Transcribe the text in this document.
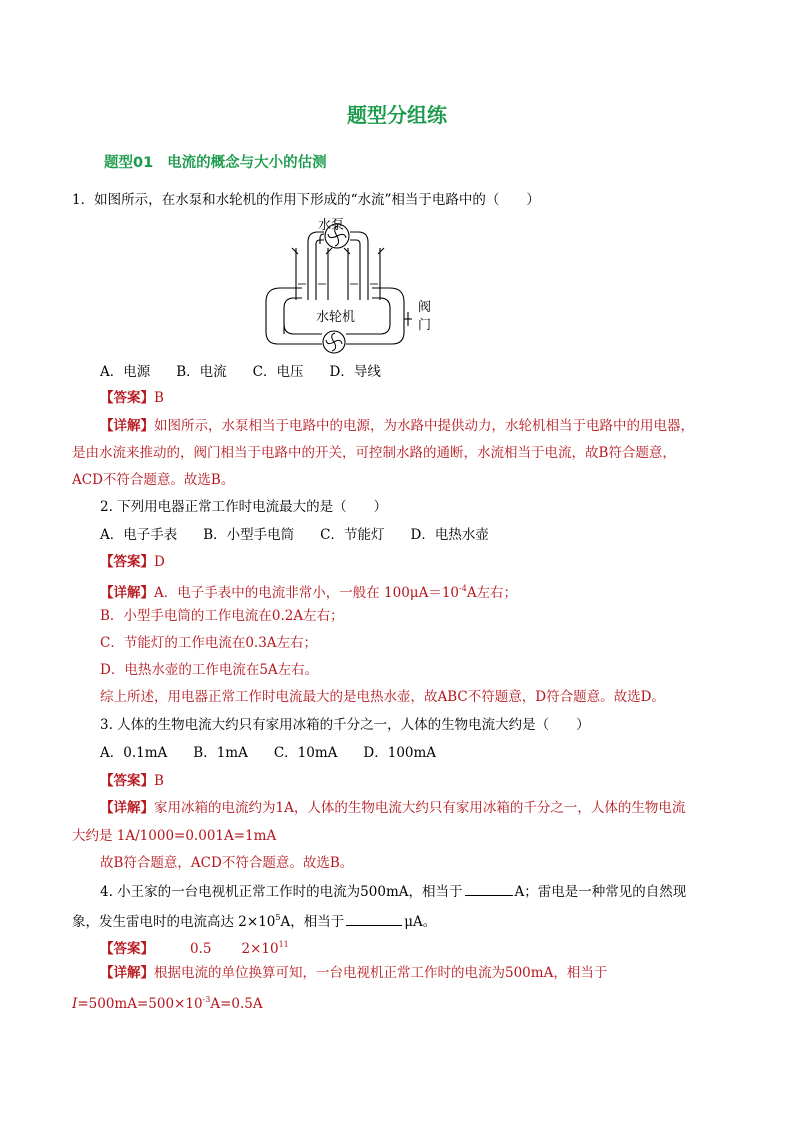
题型分组练
题型01 电流的概念与大小的估测
1．如图所示，在水泵和水轮机的作用下形成的“水流”相当于电路中的（　　）
水泵
水轮机
阀
门
A．电源 B．电流 C．电压 D．导线
【答案】B
【详解】如图所示，水泵相当于电路中的电源，为水路中提供动力，水轮机相当于电路中的用电器，
是由水流来推动的，阀门相当于电路中的开关，可控制水路的通断，水流相当于电流，故B符合题意，
ACD不符合题意。故选B。
2. 下列用电器正常工作时电流最大的是（　　）
A．电子手表 B．小型手电筒 C．节能灯 D．电热水壶
【答案】D
【详解】A．电子手表中的电流非常小，一般在 $100\mu A=10^{-4}A$左右；
B．小型手电筒的工作电流在0.2A左右；
C．节能灯的工作电流在0.3A左右；
D．电热水壶的工作电流在5A左右。
综上所述，用电器正常工作时电流最大的是电热水壶，故ABC不符题意，D符合题意。故选D。
3. 人体的生物电流大约只有家用冰箱的千分之一，人体的生物电流大约是（　　）
A．0.1mA B．1mA C．10mA D．100mA
【答案】B
【详解】家用冰箱的电流约为1A，人体的生物电流大约只有家用冰箱的千分之一，人体的生物电流
大约是 1A/1000=0.001A=1mA
故B符合题意，ACD不符合题意。故选B。
4. 小王家的一台电视机正常工作时的电流为500mA，相当于	A；雷电是一种常见的自然现
象，发生雷电时的电流高达 $2\times 10^5A$，相当于	μA。
【答案】	0.5 $2\times 10^{11}$
【详解】根据电流的单位换算可知，一台电视机正常工作时的电流为500mA，相当于
$I=500mA=500\times 10^{-3}A=0.5A$
